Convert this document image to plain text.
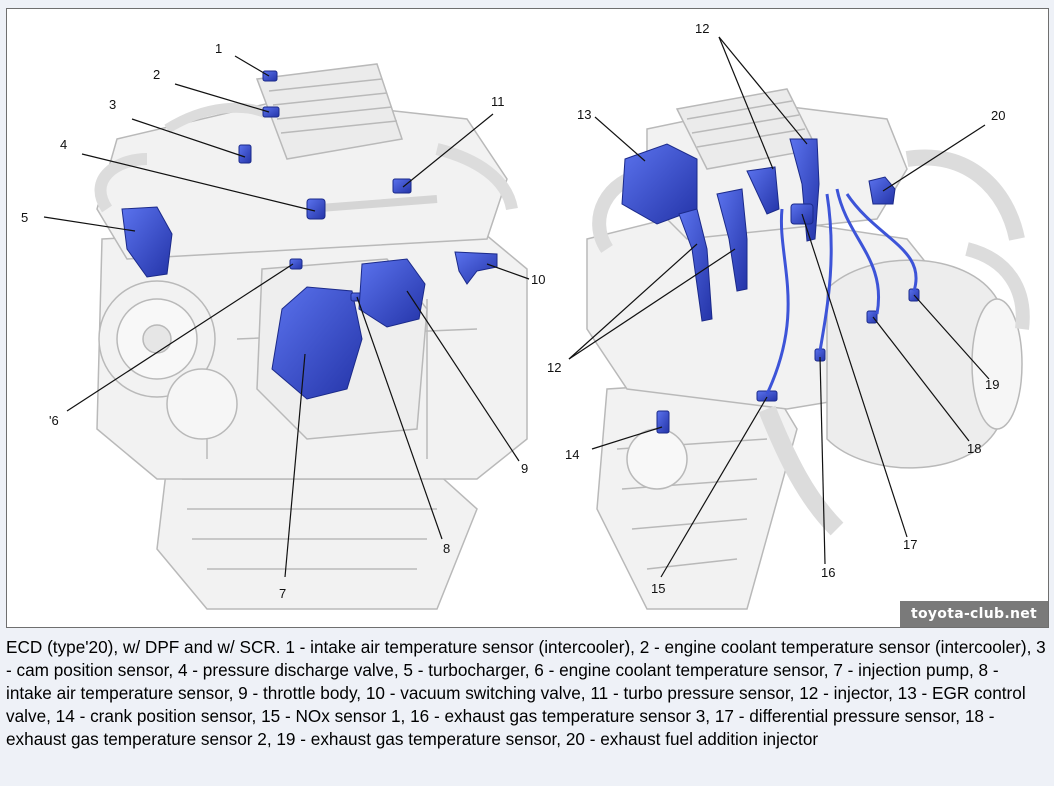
1
2
3
4
5
'6
7
8
9
10
11
12
12
13
14
15
16
17
18
19
20
toyota-club.net
ECD (type'20), w/ DPF and w/ SCR. 1 - intake air temperature sensor (intercooler), 2 - engine coolant temperature sensor (intercooler), 3 - cam position sensor, 4 - pressure discharge valve, 5 - turbocharger, 6 - engine coolant temperature sensor, 7 - injection pump, 8 - intake air temperature sensor, 9 - throttle body, 10 - vacuum switching valve, 11 - turbo pressure sensor, 12 - injector, 13 - EGR control valve, 14 - crank position sensor, 15 - NOx sensor 1, 16 - exhaust gas temperature sensor 3, 17 - differential pressure sensor, 18 - exhaust gas temperature sensor 2, 19 - exhaust gas temperature sensor, 20 - exhaust fuel addition injector
